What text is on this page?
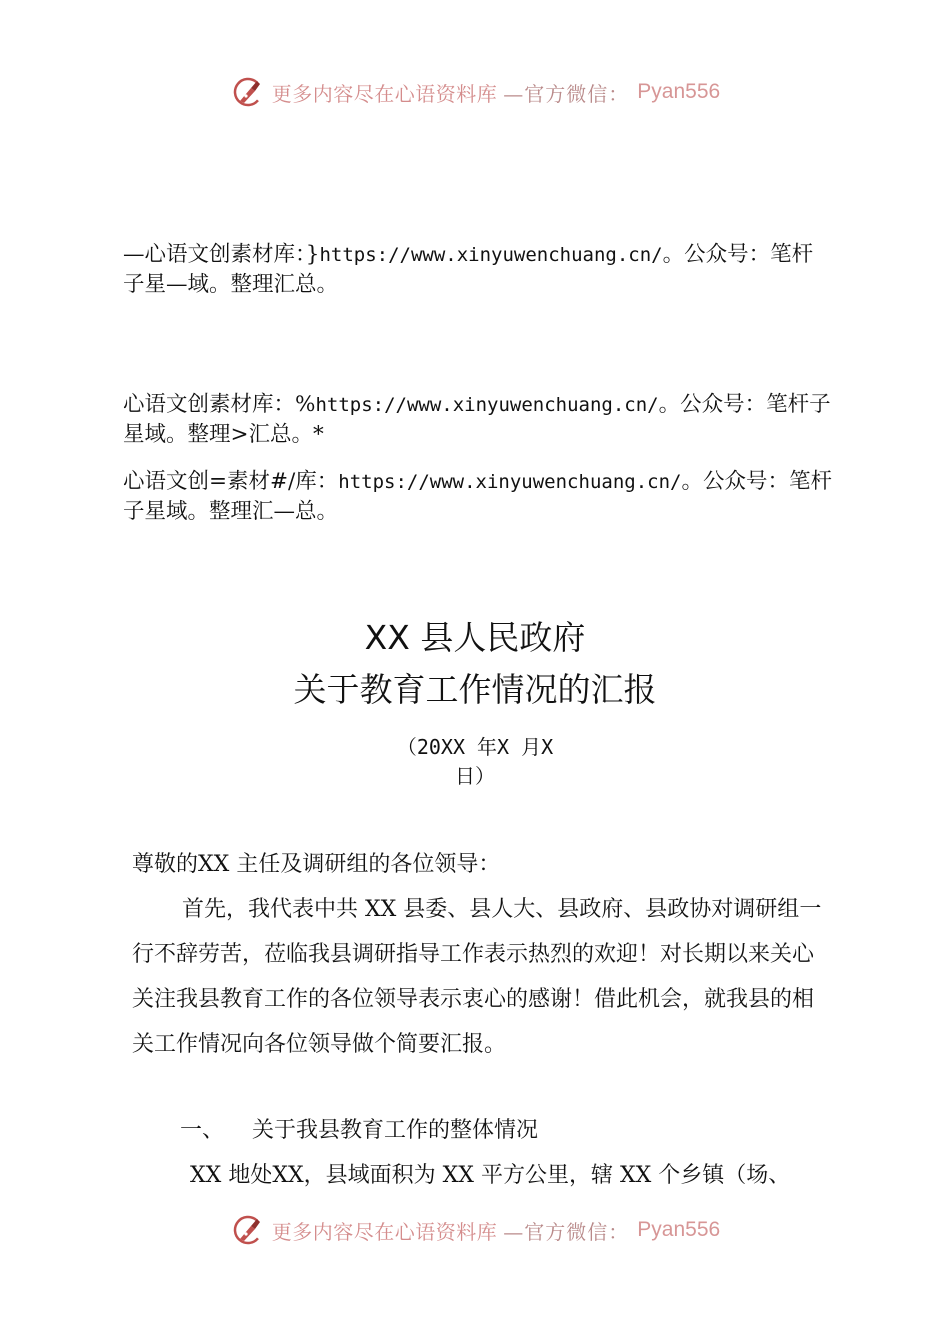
更多内容尽在心语资料库 —官方微信： Pyan556
—心语文创素材库：}https://www.xinyuwenchuang.cn/。公众号：笔杆子星—域。整理汇总。
心语文创素材库：%https://www.xinyuwenchuang.cn/。公众号：笔杆子星域。整理>汇总。*
心语文创=素材#/库：https://www.xinyuwenchuang.cn/。公众号：笔杆子星域。整理汇—总。
XX 县人民政府
关于教育工作情况的汇报
（20XX 年X 月X
日）
尊敬的XX 主任及调研组的各位领导：
首先，我代表中共 XX 县委、县人大、县政府、县政协对调研组一行不辞劳苦，莅临我县调研指导工作表示热烈的欢迎！对长期以来关心关注我县教育工作的各位领导表示衷心的感谢！借此机会，就我县的相关工作情况向各位领导做个简要汇报。
一、 关于我县教育工作的整体情况
XX 地处XX，县域面积为 XX 平方公里，辖 XX 个乡镇（场、
更多内容尽在心语资料库 —官方微信： Pyan556
